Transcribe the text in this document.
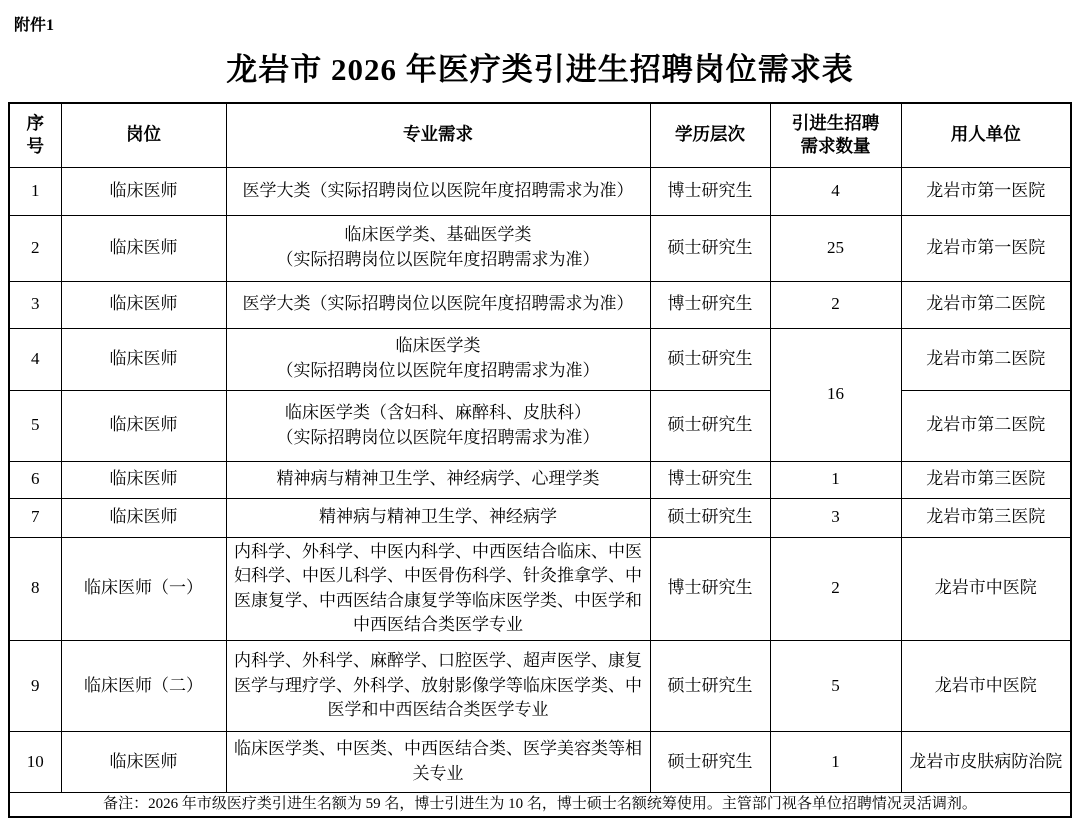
附件1
龙岩市 2026 年医疗类引进生招聘岗位需求表
序
号	岗位	专业需求	学历层次	引进生招聘
需求数量	用人单位
1	临床医师	医学大类（实际招聘岗位以医院年度招聘需求为准）	博士研究生	4	龙岩市第一医院
2	临床医师	临床医学类、基础医学类
（实际招聘岗位以医院年度招聘需求为准）	硕士研究生	25	龙岩市第一医院
3	临床医师	医学大类（实际招聘岗位以医院年度招聘需求为准）	博士研究生	2	龙岩市第二医院
4	临床医师	临床医学类
（实际招聘岗位以医院年度招聘需求为准）	硕士研究生	16	龙岩市第二医院
5	临床医师	临床医学类（含妇科、麻醉科、皮肤科）
（实际招聘岗位以医院年度招聘需求为准）	硕士研究生		龙岩市第二医院
6	临床医师	精神病与精神卫生学、神经病学、心理学类	博士研究生	1	龙岩市第三医院
7	临床医师	精神病与精神卫生学、神经病学	硕士研究生	3	龙岩市第三医院
8	临床医师（一）	内科学、外科学、中医内科学、中西医结合临床、中医妇科学、中医儿科学、中医骨伤科学、针灸推拿学、中医康复学、中西医结合康复学等临床医学类、中医学和中西医结合类医学专业	博士研究生	2	龙岩市中医院
9	临床医师（二）	内科学、外科学、麻醉学、口腔医学、超声医学、康复医学与理疗学、外科学、放射影像学等临床医学类、中医学和中西医结合类医学专业	硕士研究生	5	龙岩市中医院
10	临床医师	临床医学类、中医类、中西医结合类、医学美容类等相关专业	硕士研究生	1	龙岩市皮肤病防治院
备注：2026 年市级医疗类引进生名额为 59 名，博士引进生为 10 名，博士硕士名额统筹使用。主管部门视各单位招聘情况灵活调剂。					
